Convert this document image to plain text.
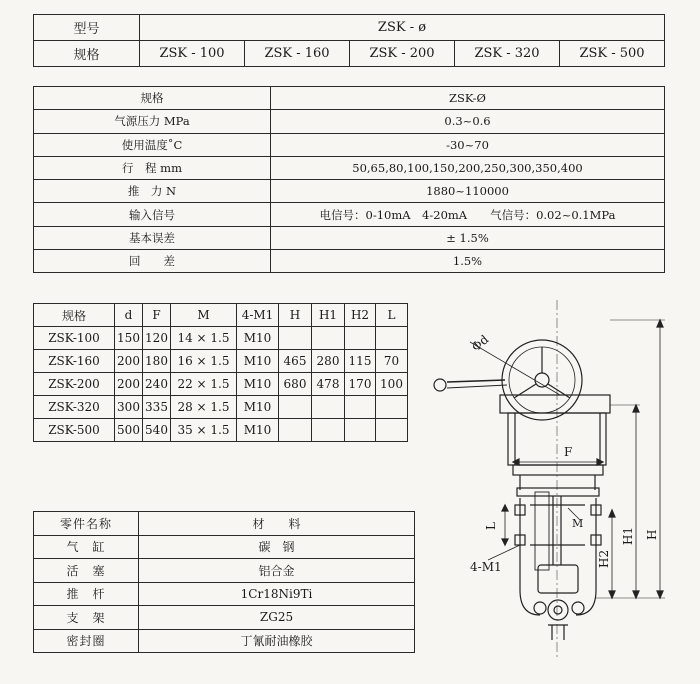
型号	ZSK - ø				
规格	ZSK - 100	ZSK - 160	ZSK - 200	ZSK - 320	ZSK - 500
规格	ZSK-Ø
气源压力 MPa	0.3~0.6
使用温度˚C	-30~70
行　程 mm	50,65,80,100,150,200,250,300,350,400
推　力 N	1880~110000
输入信号	电信号：0-10mA　4-20mA　　气信号：0.02~0.1MPa
基本误差	± 1.5%
回　　差	1.5%
规格	d	F	M	4-M1	H	H1	H2	L
ZSK-100	150	120	14 × 1.5	M10				
ZSK-160	200	180	16 × 1.5	M10	465	280	115	70
ZSK-200	200	240	22 × 1.5	M10	680	478	170	100
ZSK-320	300	335	28 × 1.5	M10				
ZSK-500	500	540	35 × 1.5	M10				
零件名称	材　　料
气　缸	碳　钢
活　塞	铝合金
推　杆	1Cr18Ni9Ti
支　架	ZG25
密封圈	丁氰耐油橡胶
Φd
F
M
L
H
H1
H2
4-M1
